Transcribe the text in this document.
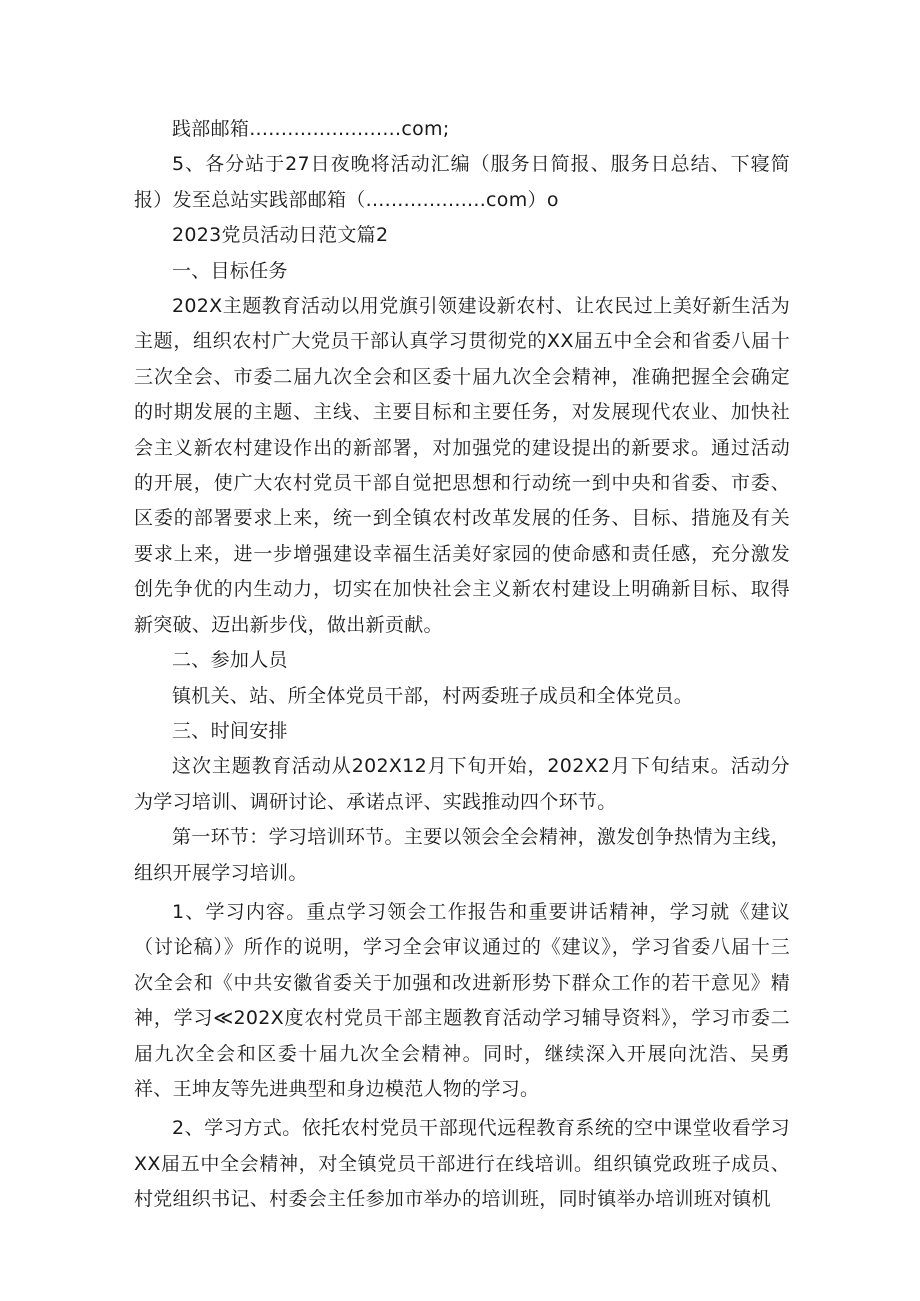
践部邮箱........................com;

5、各分站于27日夜晚将活动汇编（服务日简报、服务日总结、下寝简报）发至总站实践部邮箱（...................com）o

2023党员活动日范文篇2

一、目标任务

202X主题教育活动以用党旗引领建设新农村、让农民过上美好新生活为主题，组织农村广大党员干部认真学习贯彻党的XX届五中全会和省委八届十三次全会、市委二届九次全会和区委十届九次全会精神，准确把握全会确定的时期发展的主题、主线、主要目标和主要任务，对发展现代农业、加快社会主义新农村建设作出的新部署，对加强党的建设提出的新要求。通过活动的开展，使广大农村党员干部自觉把思想和行动统一到中央和省委、市委、区委的部署要求上来，统一到全镇农村改革发展的任务、目标、措施及有关要求上来，进一步增强建设幸福生活美好家园的使命感和责任感，充分激发创先争优的内生动力，切实在加快社会主义新农村建设上明确新目标、取得新突破、迈出新步伐，做出新贡献。

二、参加人员

镇机关、站、所全体党员干部，村两委班子成员和全体党员。

三、时间安排

这次主题教育活动从202X12月下旬开始，202X2月下旬结束。活动分为学习培训、调研讨论、承诺点评、实践推动四个环节。

第一环节：学习培训环节。主要以领会全会精神，激发创争热情为主线，组织开展学习培训。

1、学习内容。重点学习领会工作报告和重要讲话精神，学习就《建议（讨论稿）》所作的说明，学习全会审议通过的《建议》，学习省委八届十三次全会和《中共安徽省委关于加强和改进新形势下群众工作的若干意见》精神，学习≪202X度农村党员干部主题教育活动学习辅导资料》，学习市委二届九次全会和区委十届九次全会精神。同时，继续深入开展向沈浩、吴勇祥、王坤友等先进典型和身边模范人物的学习。

2、学习方式。依托农村党员干部现代远程教育系统的空中课堂收看学习XX届五中全会精神，对全镇党员干部进行在线培训。组织镇党政班子成员、村党组织书记、村委会主任参加市举办的培训班，同时镇举办培训班对镇机
